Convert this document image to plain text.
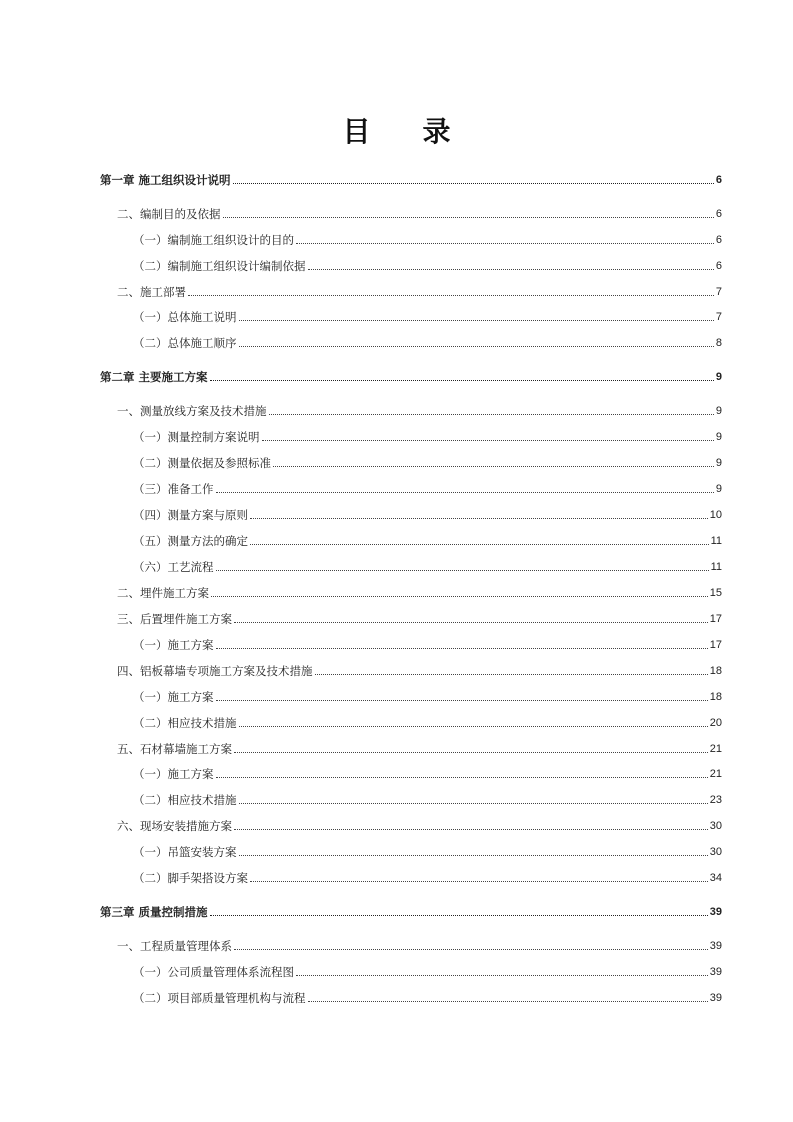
目 录
第一章 施工组织设计说明	6
二、编制目的及依据	6
（一）编制施工组织设计的目的	6
（二）编制施工组织设计编制依据	6
二、施工部署	7
（一）总体施工说明	7
（二）总体施工顺序	8
第二章 主要施工方案	9
一、测量放线方案及技术措施	9
（一）测量控制方案说明	9
（二）测量依据及参照标准	9
（三）准备工作	9
（四）测量方案与原则	10
（五）测量方法的确定	11
（六）工艺流程	11
二、埋件施工方案	15
三、后置埋件施工方案	17
（一）施工方案	17
四、铝板幕墙专项施工方案及技术措施	18
（一）施工方案	18
（二）相应技术措施	20
五、石材幕墙施工方案	21
（一）施工方案	21
（二）相应技术措施	23
六、现场安装措施方案	30
（一）吊篮安装方案	30
（二）脚手架搭设方案	34
第三章 质量控制措施	39
一、工程质量管理体系	39
（一）公司质量管理体系流程图	39
（二）项目部质量管理机构与流程	39
